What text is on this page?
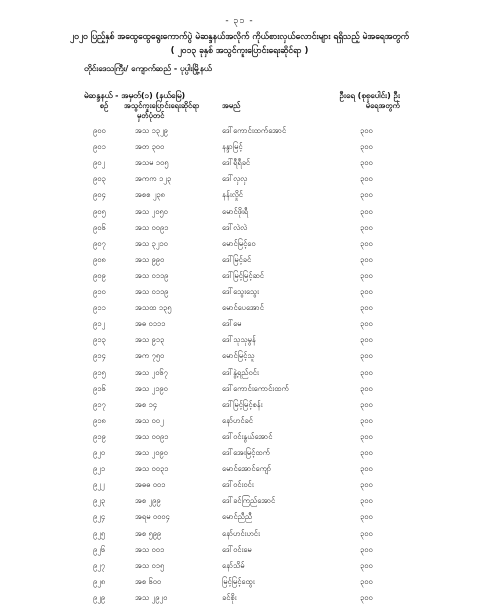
- ၃၁ -
၂၀၂၀ ပြည့်နှစ် အထွေထွေရွေးကောက်ပွဲ မဲဆန္ဒနယ်အလိုက် ကိုယ်စားလှယ်လောင်းများ ရရှိသည့် မဲအရေအတွက်
( ၂၀၁၃ ခုနှစ် အသွင်ကူးပြောင်းရေးဆိုင်ရာ )
တိုင်းဒေသကြီး/ ကျောက်ဆည် - ပုပ္ပါးမြို့နယ်
မဲဆန္ဒနယ် - အမှတ်(၁) (နယ်မြေ)	ဦးရေ (စုစုပေါင်း) ဦး
စဉ်	အသွင်ကူးပြောင်းရေးဆိုင်ရာ
မှတ်ပုံတင်
အမည်	မဲရေအတွက်
၉၀၀	အသ ၁၃၂၉	ဒေါ်ကောင်းထက်အောင်	၃၀၀
၉၀၁	အတ ၃၀၀	နန္ဒာမြင့်	၃၀၀
၉၀၂	အသမ ၁၀၅	ဒေါ်ရီရီခင်	၃၀၀
၉၀၃	အကက ၁၂၃	ဒေါ်လှလှ	၃၀၀
၉၀၄	အစစ ၂၃၈	နန်းလှိုင်	၃၀၀
၉၀၅	အသ ၂၀၅၀	မောင်ဖိုးရီ	၃၀၀
၉၀၆	အသ ၀၀၉၁	ဒေါ်လဲလဲ	၃၀၀
၉၀၇	အသ ၃၂၁၀	မောင်မြင့်ဝေ	၃၀၀
၉၀၈	အသ ၉၉၀	ဒေါ်မြင့်ခင်	၃၀၀
၉၀၉	အသ ၀၁၁၉	ဒေါ်မြင့်မြင့်ဆင်	၃၀၀
၉၁၀	အသ ၀၁၁၉	ဒေါ်သွေးသွေး	၃၀၀
၉၁၁	အသထ ၁၃၅	မောင်ပေအောင်	၃၀၀
၉၁၂	အဓ ၀၁၁၁	ဒေါ်မေ	၃၀၀
၉၁၃	အသ ၉၁၃	ဒေါ်သုသုမွန်	၃၀၀
၉၁၄	အက ၇၅၀	မောင်မြင့်သူ	၃၀၀
၉၁၅	အသ ၂၀၆၇	ဒေါ်နွဲ့ရည်ဝင်း	၃၀၀
၉၁၆	အသ ၂၁၉၀	ဒေါ်ကောင်းကောင်းထက်	၃၀၀
၉၁၇	အစ ၁၄	ဒေါ်မြင့်မြင့်စန်း	၃၀၀
၉၁၈	အသ ၀၀၂	နော်ဟင်ခင်	၃၀၀
၉၁၉	အသ ၀၀၉၁	ဒေါ်ဝင်းနွယ်အောင်	၃၀၀
၉၂၀	အသ ၂၀၉၀	ဒေါ်အေးမြင့်ထက်	၃၀၀
၉၂၁	အသ ၀၀၃၁	မောင်အောင်ကျော်	၃၀၀
၉၂၂	အဓဓ ၀၀၁	ဒေါ်ဝင်းဝင်း	၃၀၀
၉၂၃	အစ ၂၉၉	ဒေါ်ခင်ကြည်အောင်	၃၀၀
၉၂၄	အရမ ၀၀၀၄	မောင်ညီညီ	၃၀၀
၉၂၅	အစ ၅၉၉	နော်ဟင်းဟင်း	၃၀၀
၉၂၆	အသ ၀၀၁	ဒေါ်ဝင်းမေ	၃၀၀
၉၂၇	အသ ၀၁၅	နော်သိမ်	၃၀၀
၉၂၈	အစ ၆၀၀	မြင့်မြင့်ထွေး	၃၀၀
၉၂၉	အသ ၂၉၂၀	ခင်စိုး	၃၀၀
